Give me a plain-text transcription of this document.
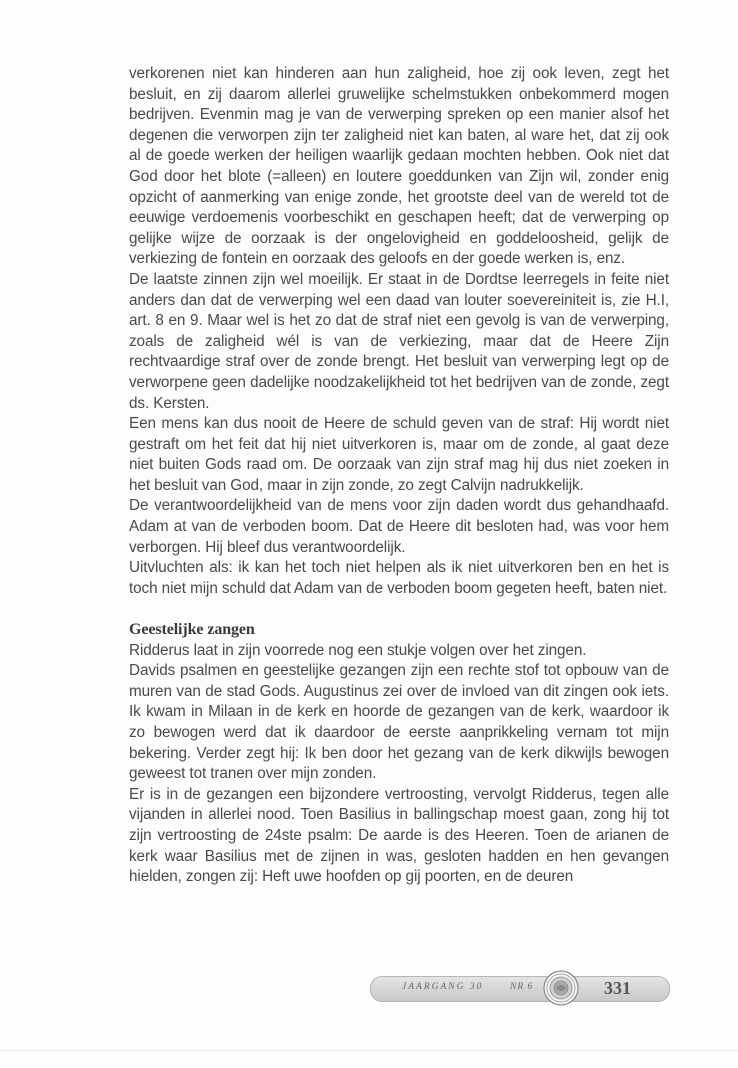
verkorenen niet kan hinderen aan hun zaligheid, hoe zij ook leven, zegt het besluit, en zij daarom allerlei gruwelijke schelmstukken onbekommerd mogen bedrijven. Evenmin mag je van de verwerping spreken op een manier alsof het degenen die verworpen zijn ter zaligheid niet kan baten, al ware het, dat zij ook al de goede werken der heiligen waarlijk gedaan mochten hebben. Ook niet dat God door het blote (=alleen) en loutere goeddunken van Zijn wil, zonder enig opzicht of aanmerking van enige zonde, het grootste deel van de wereld tot de eeuwige verdoemenis voorbeschikt en geschapen heeft; dat de verwerping op gelijke wijze de oorzaak is der ongelovigheid en goddeloosheid, gelijk de verkiezing de fontein en oorzaak des geloofs en der goede werken is, enz.

De laatste zinnen zijn wel moeilijk. Er staat in de Dordtse leerregels in feite niet anders dan dat de verwerping wel een daad van louter soevereiniteit is, zie H.I, art. 8 en 9. Maar wel is het zo dat de straf niet een gevolg is van de verwerping, zoals de zaligheid wél is van de verkiezing, maar dat de Heere Zijn rechtvaardige straf over de zonde brengt. Het besluit van verwerping legt op de verworpene geen dadelijke noodzakelijkheid tot het bedrijven van de zonde, zegt ds. Kersten.

Een mens kan dus nooit de Heere de schuld geven van de straf: Hij wordt niet gestraft om het feit dat hij niet uitverkoren is, maar om de zonde, al gaat deze niet buiten Gods raad om. De oorzaak van zijn straf mag hij dus niet zoeken in het besluit van God, maar in zijn zonde, zo zegt Calvijn nadrukkelijk.

De verantwoordelijkheid van de mens voor zijn daden wordt dus gehandhaafd. Adam at van de verboden boom. Dat de Heere dit besloten had, was voor hem verborgen. Hij bleef dus verantwoordelijk.

Uitvluchten als: ik kan het toch niet helpen als ik niet uitverkoren ben en het is toch niet mijn schuld dat Adam van de verboden boom gegeten heeft, baten niet.

Geestelijke zangen

Ridderus laat in zijn voorrede nog een stukje volgen over het zingen.

Davids psalmen en geestelijke gezangen zijn een rechte stof tot opbouw van de muren van de stad Gods. Augustinus zei over de invloed van dit zingen ook iets. Ik kwam in Milaan in de kerk en hoorde de gezangen van de kerk, waardoor ik zo bewogen werd dat ik daardoor de eerste aanprikkeling vernam tot mijn bekering. Verder zegt hij: Ik ben door het gezang van de kerk dikwijls bewogen geweest tot tranen over mijn zonden.

Er is in de gezangen een bijzondere vertroosting, vervolgt Ridderus, tegen alle vijanden in allerlei nood. Toen Basilius in ballingschap moest gaan, zong hij tot zijn vertroosting de 24ste psalm: De aarde is des Heeren. Toen de arianen de kerk waar Basilius met de zijnen in was, gesloten hadden en hen gevangen hielden, zongen zij: Heft uwe hoofden op gij poorten, en de deuren

JAARGANG 30	NR 6	331
